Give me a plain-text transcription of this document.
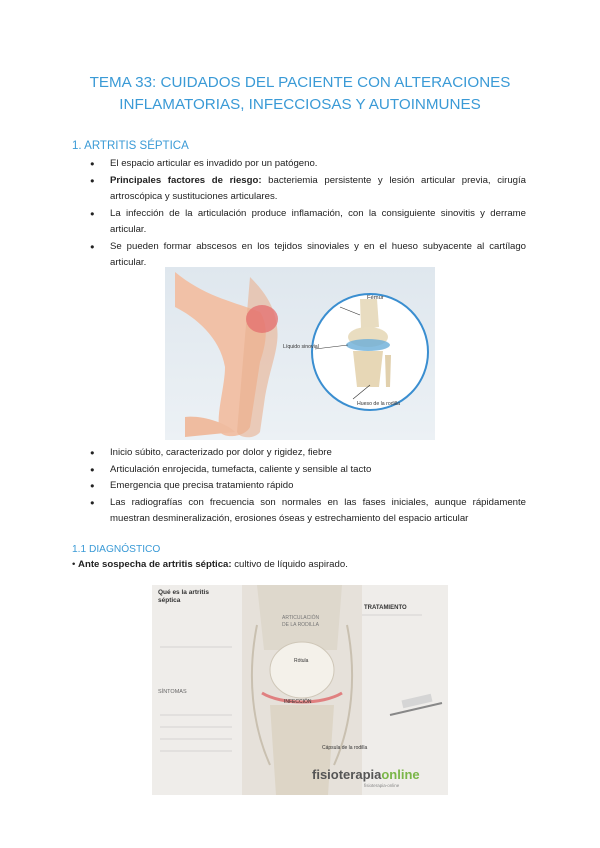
TEMA 33: CUIDADOS DEL PACIENTE CON ALTERACIONES
INFLAMATORIAS, INFECCIOSAS Y AUTOINMUNES
1. ARTRITIS SÉPTICA
● El espacio articular es invadido por un patógeno.
● Principales factores de riesgo: bacteriemia persistente y lesión articular previa, cirugía artroscópica y sustituciones articulares.
● La infección de la articulación produce inflamación, con la consiguiente sinovitis y derrame articular.
● Se pueden formar abscesos en los tejidos sinoviales y en el hueso subyacente al cartílago articular.
Fémur
Líquido sinovial
Hueso de la rodilla
● Inicio súbito, caracterizado por dolor y rigidez, fiebre
● Articulación enrojecida, tumefacta, caliente y sensible al tacto
● Emergencia que precisa tratamiento rápido
● Las radiografías con frecuencia son normales en las fases iniciales, aunque rápidamente muestran desmineralización, erosiones óseas y estrechamiento del espacio articular
1.1 DIAGNÓSTICO
• Ante sospecha de artritis séptica: cultivo de líquido aspirado.
Qué es la artritis
séptica
SÍNTOMAS
ARTICULACIÓN
DE LA RODILLA
Rótula
INFECCIÓN
Cápsula de la rodilla
TRATAMIENTO
fisioterapiaonline
fisioterapia-online
